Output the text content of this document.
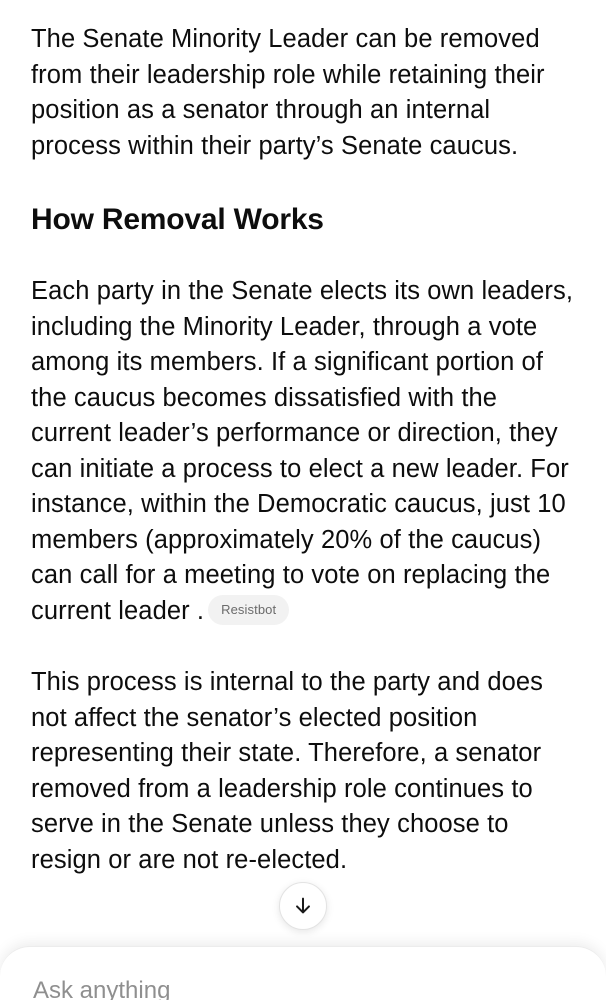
The Senate Minority Leader can be removed from their leadership role while retaining their position as a senator through an internal process within their party’s Senate caucus.

How Removal Works

Each party in the Senate elects its own leaders, including the Minority Leader, through a vote among its members. If a significant portion of the caucus becomes dissatisfied with the current leader’s performance or direction, they can initiate a process to elect a new leader. For instance, within the Democratic caucus, just 10 members (approximately 20% of the caucus) can call for a meeting to vote on replacing the current leader . Resistbot

This process is internal to the party and does not affect the senator’s elected position representing their state. Therefore, a senator removed from a leadership role continues to serve in the Senate unless they choose to resign or are not re-elected.

Ask anything
